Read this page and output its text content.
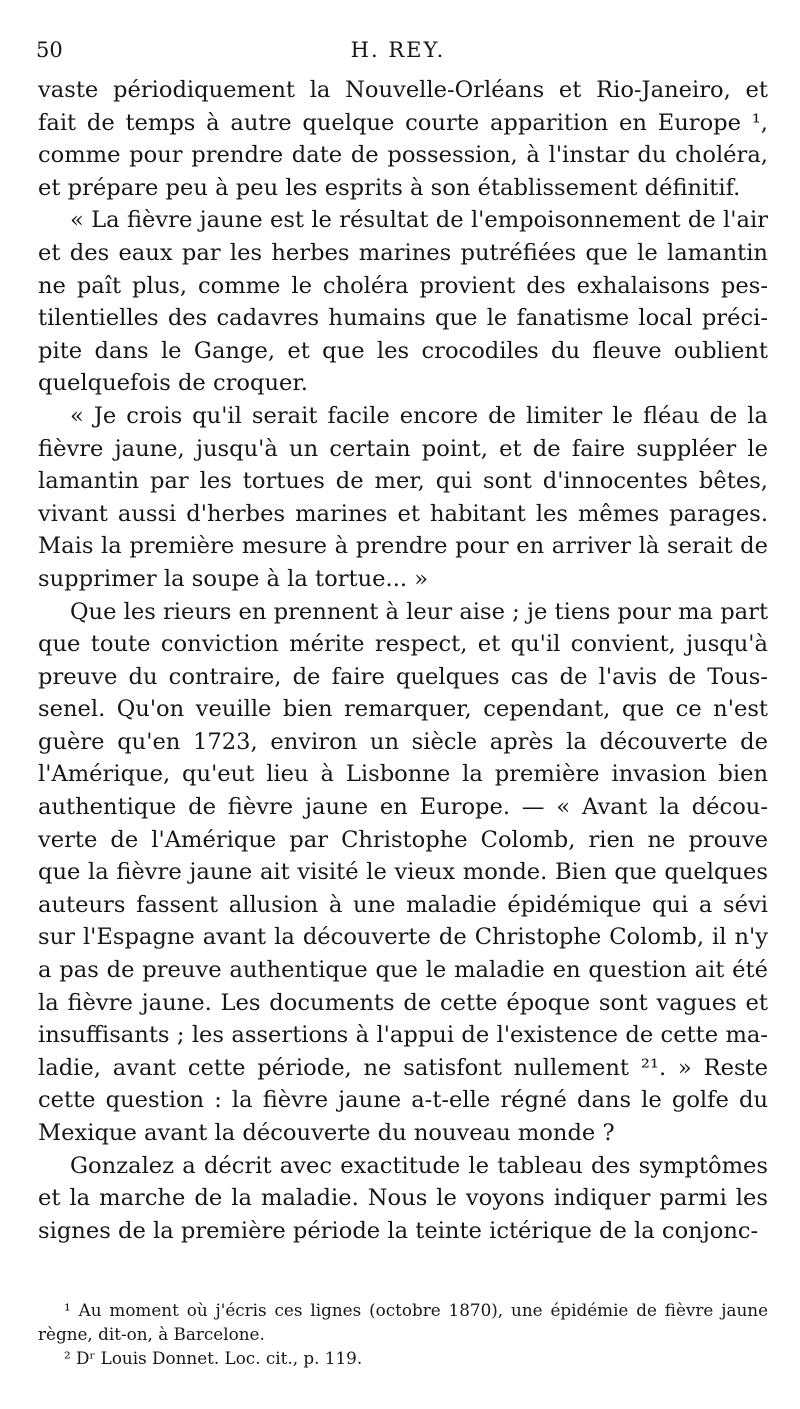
50	H. REY.
vaste périodiquement la Nouvelle-Orléans et Rio-Janeiro, et
fait de temps à autre quelque courte apparition en Europe ¹,
comme pour prendre date de possession, à l'instar du choléra,
et prépare peu à peu les esprits à son établissement définitif.
« La fièvre jaune est le résultat de l'empoisonnement de l'air
et des eaux par les herbes marines putréfiées que le lamantin
ne paît plus, comme le choléra provient des exhalaisons pes-
tilentielles des cadavres humains que le fanatisme local préci-
pite dans le Gange, et que les crocodiles du fleuve oublient
quelquefois de croquer.
« Je crois qu'il serait facile encore de limiter le fléau de la
fièvre jaune, jusqu'à un certain point, et de faire suppléer le
lamantin par les tortues de mer, qui sont d'innocentes bêtes,
vivant aussi d'herbes marines et habitant les mêmes parages.
Mais la première mesure à prendre pour en arriver là serait de
supprimer la soupe à la tortue... »
Que les rieurs en prennent à leur aise ; je tiens pour ma part
que toute conviction mérite respect, et qu'il convient, jusqu'à
preuve du contraire, de faire quelques cas de l'avis de Tous-
senel. Qu'on veuille bien remarquer, cependant, que ce n'est
guère qu'en 1723, environ un siècle après la découverte de
l'Amérique, qu'eut lieu à Lisbonne la première invasion bien
authentique de fièvre jaune en Europe. — « Avant la décou-
verte de l'Amérique par Christophe Colomb, rien ne prouve
que la fièvre jaune ait visité le vieux monde. Bien que quelques
auteurs fassent allusion à une maladie épidémique qui a sévi
sur l'Espagne avant la découverte de Christophe Colomb, il n'y
a pas de preuve authentique que le maladie en question ait été
la fièvre jaune. Les documents de cette époque sont vagues et
insuffisants ; les assertions à l'appui de l'existence de cette ma-
ladie, avant cette période, ne satisfont nullement ²¹. » Reste
cette question : la fièvre jaune a-t-elle régné dans le golfe du
Mexique avant la découverte du nouveau monde ?
Gonzalez a décrit avec exactitude le tableau des symptômes
et la marche de la maladie. Nous le voyons indiquer parmi les
signes de la première période la teinte ictérique de la conjonc-
¹ Au moment où j'écris ces lignes (octobre 1870), une épidémie de fièvre jaune
règne, dit-on, à Barcelone.
² Dʳ Louis Donnet. Loc. cit., p. 119.
